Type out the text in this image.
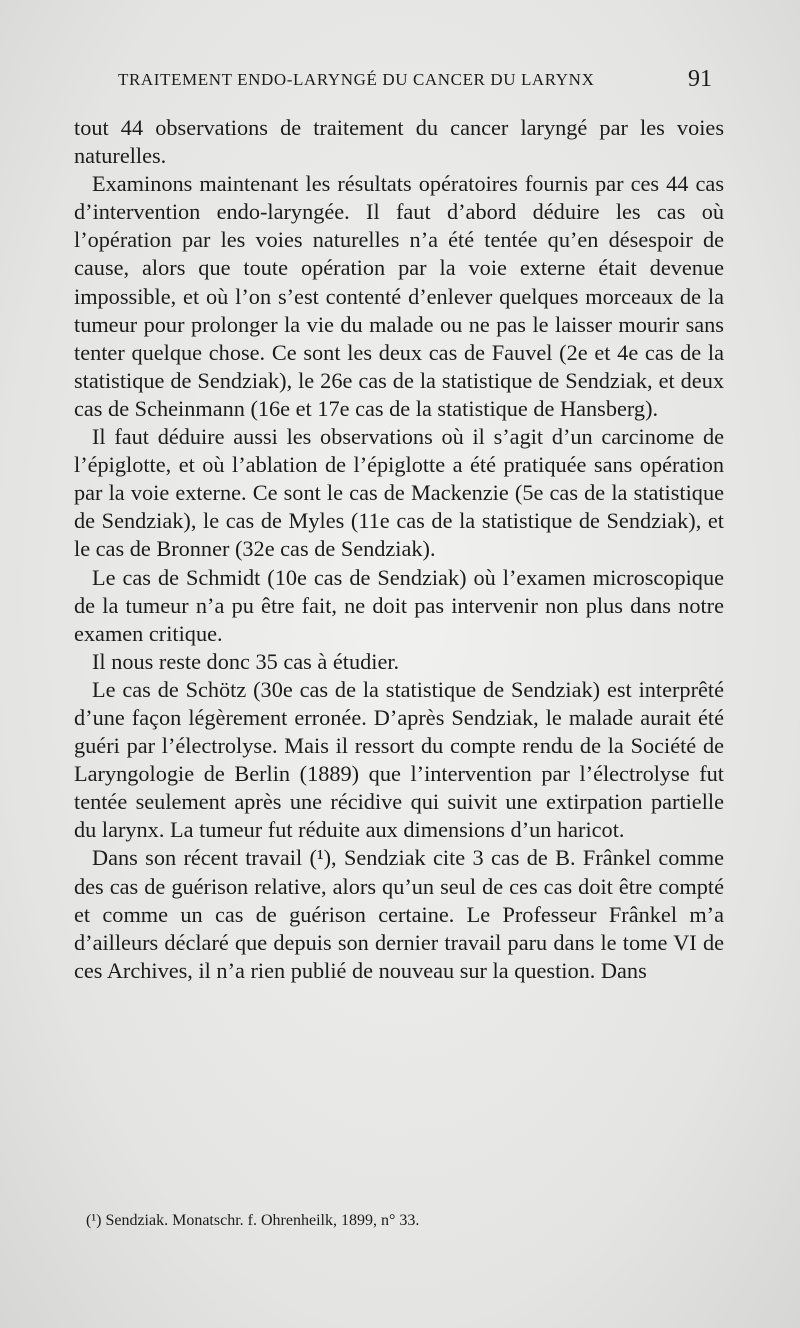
TRAITEMENT ENDO-LARYNGÉ DU CANCER DU LARYNX	91

tout 44 observations de traitement du cancer laryngé par les voies naturelles.

Examinons maintenant les résultats opératoires fournis par ces 44 cas d’intervention endo-laryngée. Il faut d’abord déduire les cas où l’opération par les voies naturelles n’a été tentée qu’en désespoir de cause, alors que toute opération par la voie externe était devenue impossible, et où l’on s’est contenté d’enlever quelques morceaux de la tumeur pour prolonger la vie du malade ou ne pas le laisser mourir sans tenter quelque chose. Ce sont les deux cas de Fauvel (2e et 4e cas de la statistique de Sendziak), le 26e cas de la statistique de Sendziak, et deux cas de Scheinmann (16e et 17e cas de la statistique de Hansberg).

Il faut déduire aussi les observations où il s’agit d’un carcinome de l’épiglotte, et où l’ablation de l’épiglotte a été pratiquée sans opération par la voie externe. Ce sont le cas de Mackenzie (5e cas de la statistique de Sendziak), le cas de Myles (11e cas de la statistique de Sendziak), et le cas de Bronner (32e cas de Sendziak).

Le cas de Schmidt (10e cas de Sendziak) où l’examen microscopique de la tumeur n’a pu être fait, ne doit pas intervenir non plus dans notre examen critique.

Il nous reste donc 35 cas à étudier.

Le cas de Schötz (30e cas de la statistique de Sendziak) est interprêté d’une façon légèrement erronée. D’après Sendziak, le malade aurait été guéri par l’électrolyse. Mais il ressort du compte rendu de la Société de Laryngologie de Berlin (1889) que l’intervention par l’électrolyse fut tentée seulement après une récidive qui suivit une extirpation partielle du larynx. La tumeur fut réduite aux dimensions d’un haricot.

Dans son récent travail (¹), Sendziak cite 3 cas de B. Frânkel comme des cas de guérison relative, alors qu’un seul de ces cas doit être compté et comme un cas de guérison certaine. Le Professeur Frânkel m’a d’ailleurs déclaré que depuis son dernier travail paru dans le tome VI de ces Archives, il n’a rien publié de nouveau sur la question. Dans

(¹) Sendziak. Monatschr. f. Ohrenheilk, 1899, n° 33.
